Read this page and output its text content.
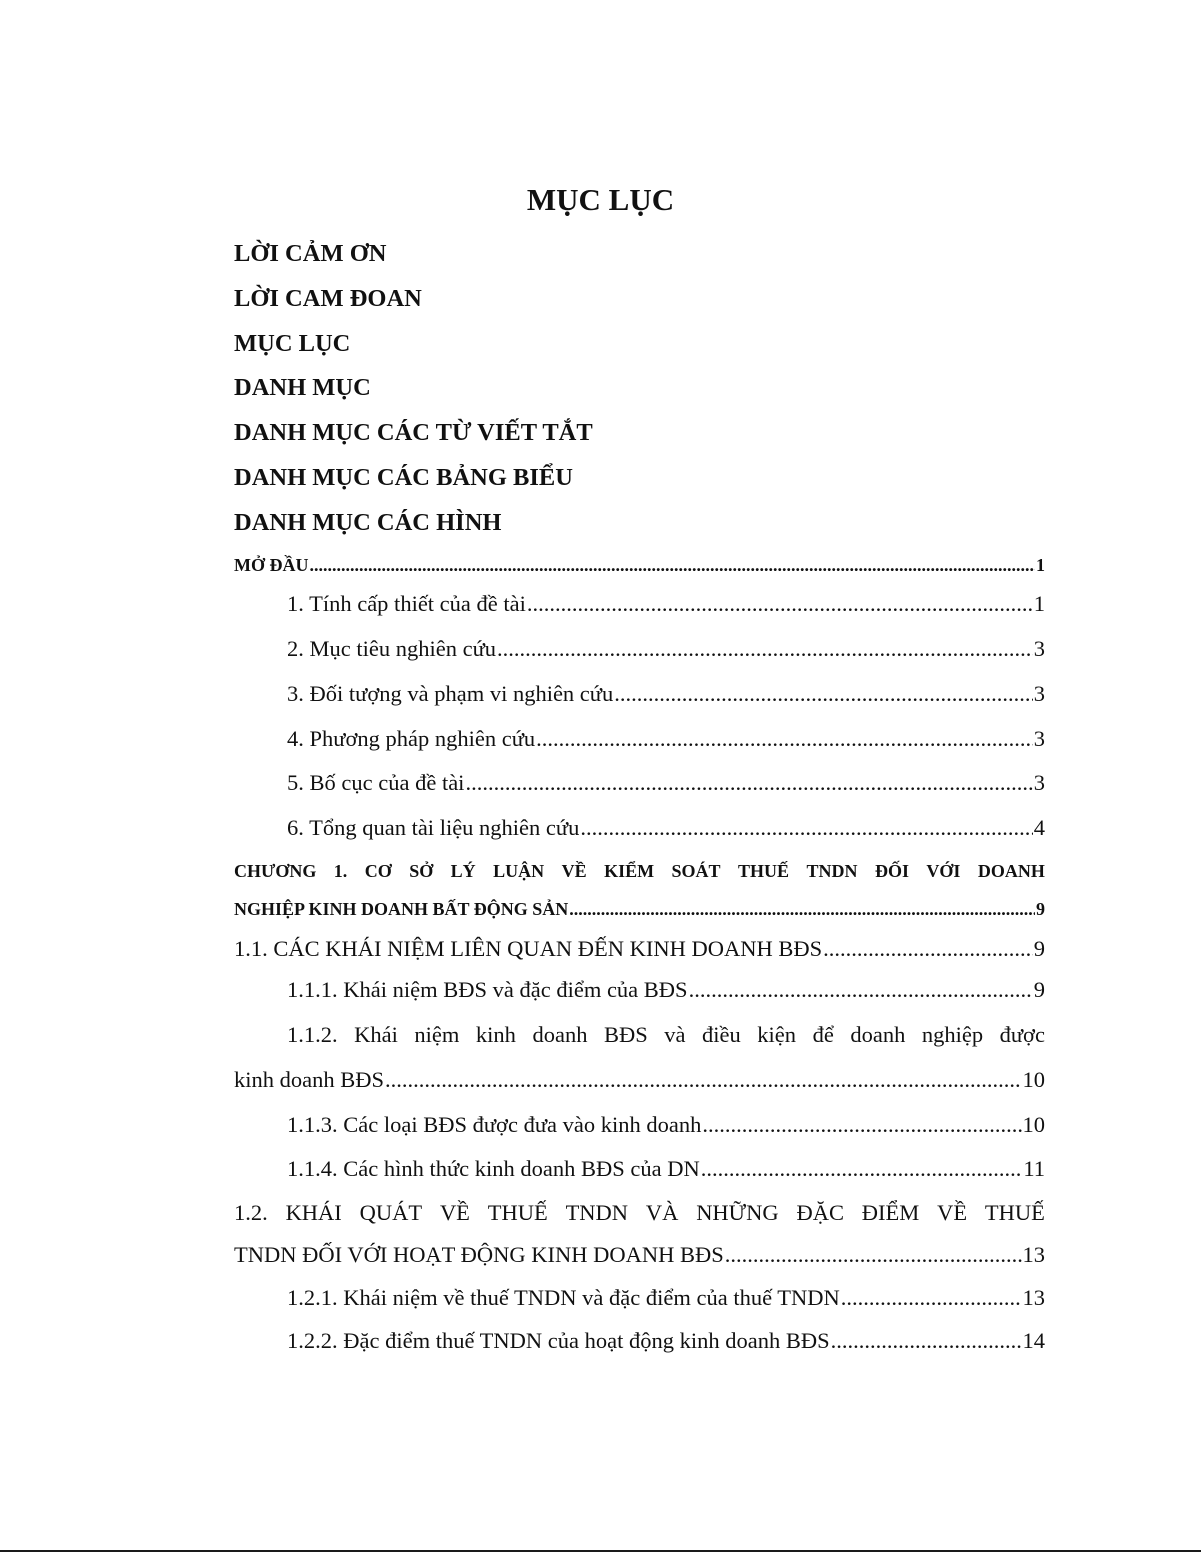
MỤC LỤC
LỜI CẢM ƠN
LỜI CAM ĐOAN
MỤC LỤC
DANH MỤC
DANH MỤC CÁC TỪ VIẾT TẮT
DANH MỤC CÁC BẢNG BIỂU
DANH MỤC CÁC HÌNH
MỞ ĐẦU .....	1
1. Tính cấp thiết của đề tài .....	1
2. Mục tiêu nghiên cứu .....	3
3. Đối tượng và phạm vi nghiên cứu .....	3
4. Phương pháp nghiên cứu .....	3
5. Bố cục của đề tài .....	3
6. Tổng quan tài liệu nghiên cứu .....	4
CHƯƠNG 1. CƠ SỞ LÝ LUẬN VỀ KIỂM SOÁT THUẾ TNDN ĐỐI VỚI DOANH
NGHIỆP KINH DOANH BẤT ĐỘNG SẢN .....	9
1.1. CÁC KHÁI NIỆM LIÊN QUAN ĐẾN KINH DOANH BĐS .....	9
1.1.1. Khái niệm BĐS và đặc điểm của BĐS .....	9
1.1.2. Khái niệm kinh doanh BĐS và điều kiện để doanh nghiệp được
kinh doanh BĐS .....	10
1.1.3. Các loại BĐS được đưa vào kinh doanh .....	10
1.1.4. Các hình thức kinh doanh BĐS của DN .....	11
1.2. KHÁI QUÁT VỀ THUẾ TNDN VÀ NHỮNG ĐẶC ĐIỂM VỀ THUẾ
TNDN ĐỐI VỚI HOẠT ĐỘNG KINH DOANH BĐS .....	13
1.2.1. Khái niệm về thuế TNDN và đặc điểm của thuế TNDN .....	13
1.2.2. Đặc điểm thuế TNDN của hoạt động kinh doanh BĐS .....	14
